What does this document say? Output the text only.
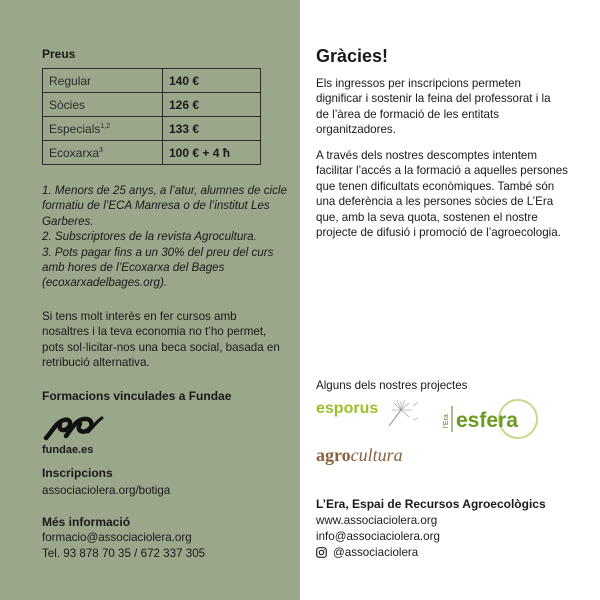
Preus
Regular	140 €
Sòcies	126 €
Especials$^{1,2}$	133 €
Ecoxarxa$^3$	100 € + 4 ħ

1. Menors de 25 anys, a l’atur, alumnes de cicle formatiu de l’ECA Manresa o de l’institut Les Garberes.

2. Subscriptores de la revista Agrocultura.

3. Pots pagar fins a un 30% del preu del curs amb hores de l’Ecoxarxa del Bages (ecoxarxadelbages.org).

Si tens molt interès en fer cursos amb nosaltres i la teva economia no t’ho permet, pots sol·licitar-nos una beca social, basada en retribució alternativa.
Formacions vinculades a Fundae
fundae.es
Inscripcions
associaciolera.org/botiga
Més informació
formacio@associaciolera.org
Tel. 93 878 70 35 / 672 337 305
Gràcies!
Els ingressos per inscripcions permeten dignificar i sostenir la feina del professorat i la de l’àrea de formació de les entitats organitzadores.
A través dels nostres descomptes intentem facilitar l’accés a la formació a aquelles persones que tenen dificultats econòmiques. També són una deferència a les persones sòcies de L’Era que, amb la seva quota, sostenen el nostre projecte de difusió i promoció de l’agroecologia.
Alguns dels nostres projectes
esporus
l'Era esfera
agrocultura
L’Era, Espai de Recursos Agroecològics
www.associaciolera.org
info@associaciolera.org
@associaciolera
